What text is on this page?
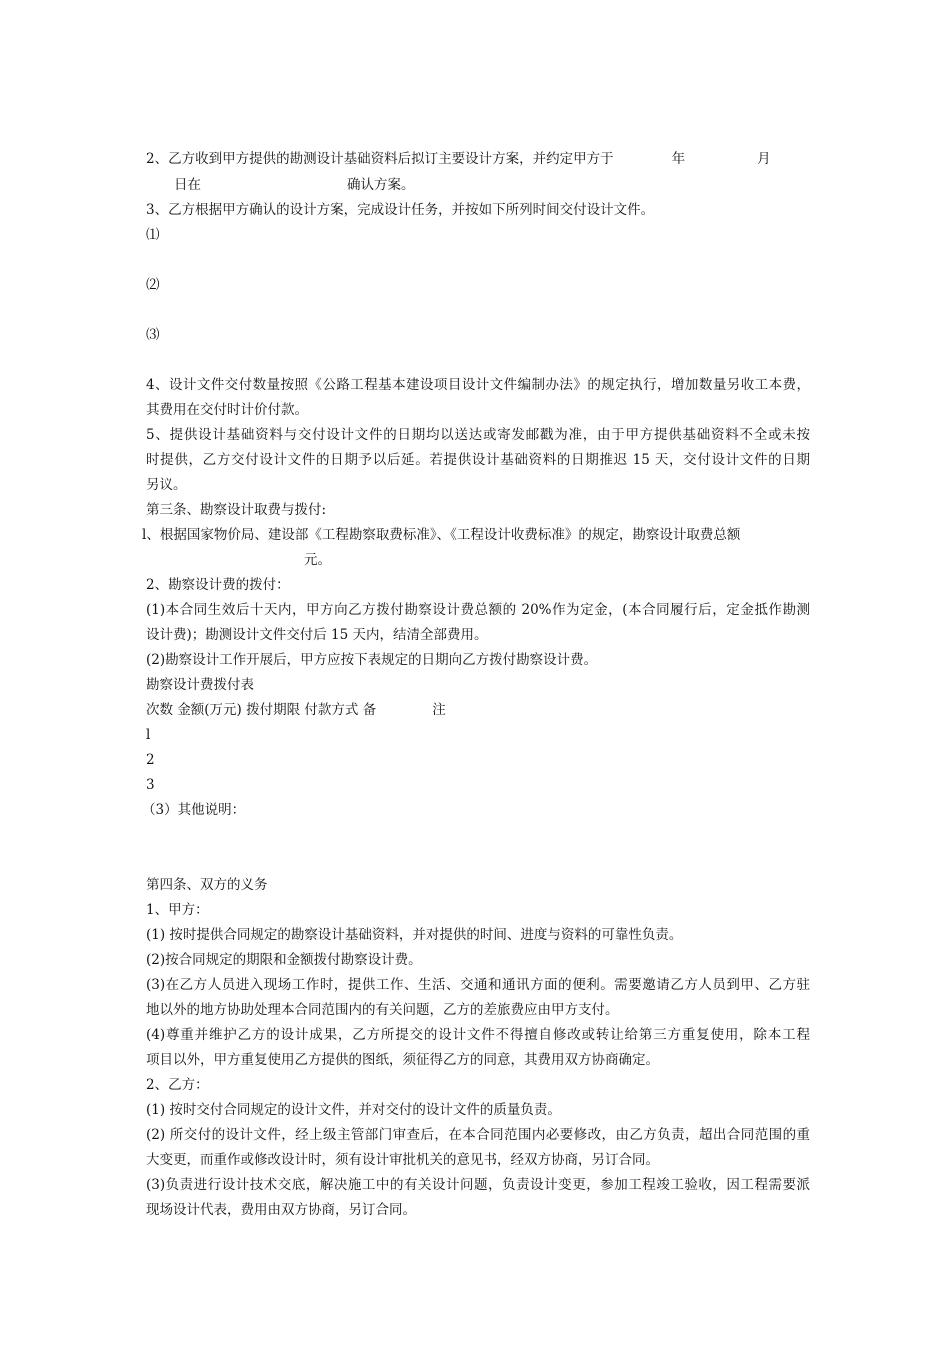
2、乙方收到甲方提供的勘测设计基础资料后拟订主要设计方案，并约定甲方于	年	月
日在	确认方案。
3、乙方根据甲方确认的设计方案，完成设计任务，并按如下所列时间交付设计文件。
⑴
⑵
⑶
4、设计文件交付数量按照《公路工程基本建设项目设计文件编制办法》的规定执行，增加数量另收工本费，
其费用在交付时计价付款。
5、提供设计基础资料与交付设计文件的日期均以送达或寄发邮戳为准，由于甲方提供基础资料不全或未按
时提供，乙方交付设计文件的日期予以后延。若提供设计基础资料的日期推迟 15 天，交付设计文件的日期
另议。
第三条、勘察设计取费与拨付:
l、根据国家物价局、建设部《工程勘察取费标准》、《工程设计收费标准》的规定，勘察设计取费总额
元。
2、勘察设计费的拨付：
(1)本合同生效后十天内，甲方向乙方拨付勘察设计费总额的 20%作为定金，(本合同履行后，定金抵作勘测
设计费)；勘测设计文件交付后 15 天内，结清全部费用。
(2)勘察设计工作开展后，甲方应按下表规定的日期向乙方拨付勘察设计费。
勘察设计费拨付表
次数 金额(万元) 拨付期限 付款方式 备	注
l
2
3
（3）其他说明：
第四条、双方的义务
1、甲方：
(1) 按时提供合同规定的勘察设计基础资料，并对提供的时间、进度与资料的可靠性负责。
(2)按合同规定的期限和金额拨付勘察设计费。
(3)在乙方人员进入现场工作时，提供工作、生活、交通和通讯方面的便利。需要邀请乙方人员到甲、乙方驻
地以外的地方协助处理本合同范围内的有关问题，乙方的差旅费应由甲方支付。
(4)尊重并维护乙方的设计成果，乙方所提交的设计文件不得擅自修改或转让给第三方重复使用，除本工程
项目以外，甲方重复使用乙方提供的图纸，须征得乙方的同意，其费用双方协商确定。
2、乙方：
(1) 按时交付合同规定的设计文件，并对交付的设计文件的质量负责。
(2) 所交付的设计文件，经上级主管部门审查后，在本合同范围内必要修改，由乙方负责，超出合同范围的重
大变更，而重作或修改设计时，须有设计审批机关的意见书，经双方协商，另订合同。
(3)负责进行设计技术交底，解决施工中的有关设计问题，负责设计变更，参加工程竣工验收，因工程需要派
现场设计代表，费用由双方协商，另订合同。
